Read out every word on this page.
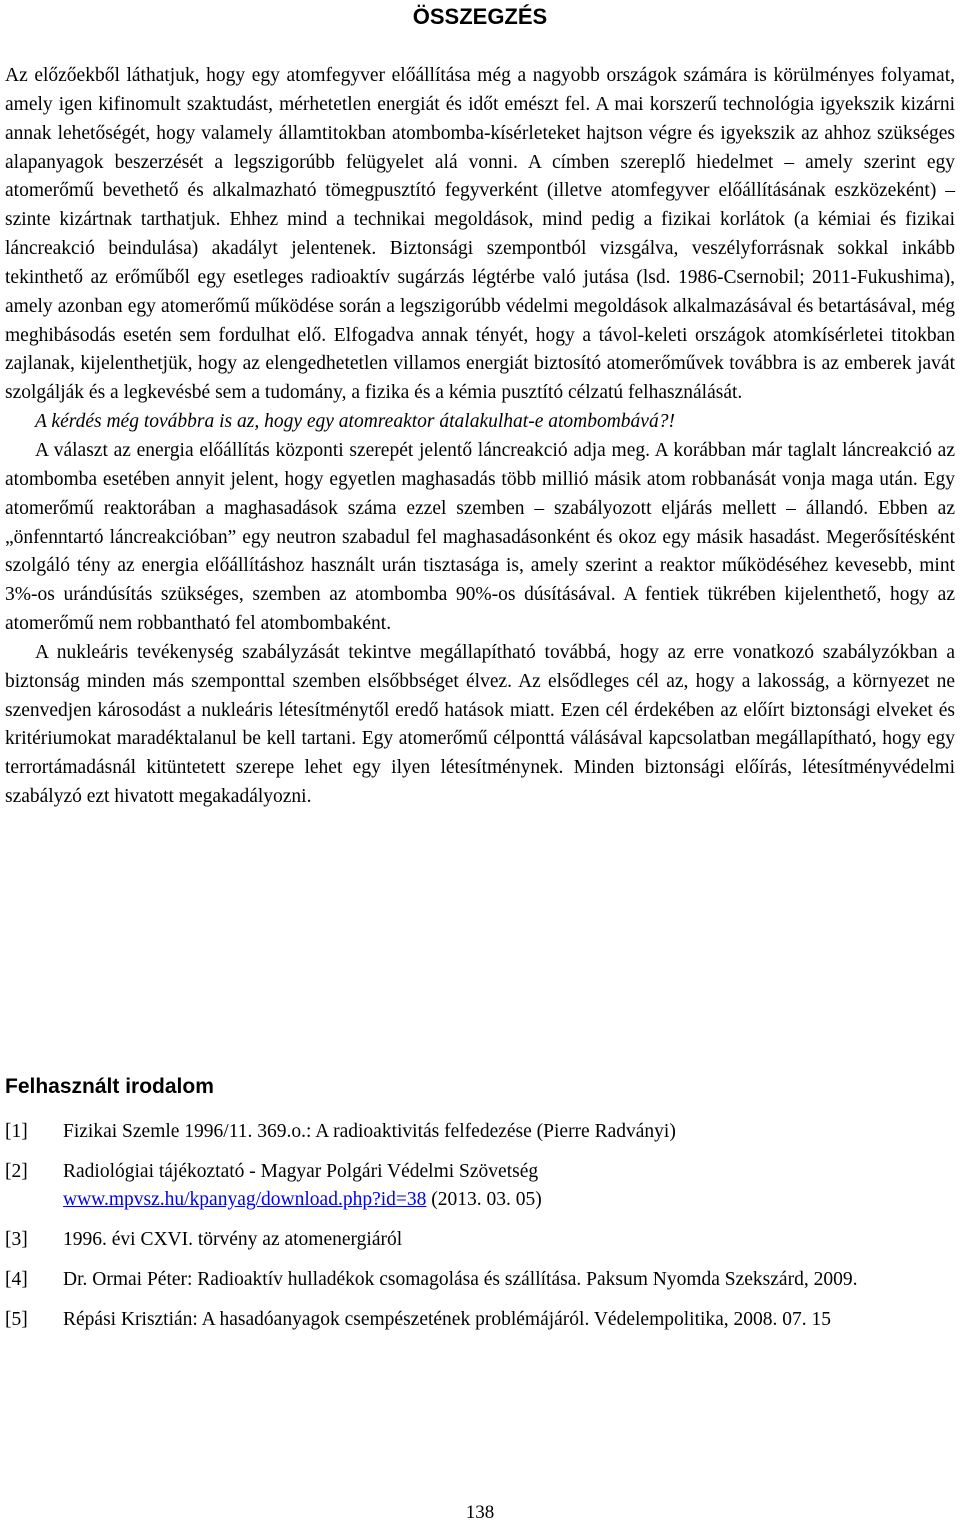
ÖSSZEGZÉS

Az előzőekből láthatjuk, hogy egy atomfegyver előállítása még a nagyobb országok számára is körülményes folyamat, amely igen kifinomult szaktudást, mérhetetlen energiát és időt emészt fel. A mai korszerű technológia igyekszik kizárni annak lehetőségét, hogy valamely államtitokban atombomba-kísérleteket hajtson végre és igyekszik az ahhoz szükséges alapanyagok beszerzését a legszigorúbb felügyelet alá vonni. A címben szereplő hiedelmet – amely szerint egy atomerőmű bevethető és alkalmazható tömegpusztító fegyverként (illetve atomfegyver előállításának eszközeként) – szinte kizártnak tarthatjuk. Ehhez mind a technikai megoldások, mind pedig a fizikai korlátok (a kémiai és fizikai láncreakció beindulása) akadályt jelentenek. Biztonsági szempontból vizsgálva, veszélyforrásnak sokkal inkább tekinthető az erőműből egy esetleges radioaktív sugárzás légtérbe való jutása (lsd. 1986-Csernobil; 2011-Fukushima), amely azonban egy atomerőmű működése során a legszigorúbb védelmi megoldások alkalmazásával és betartásával, még meghibásodás esetén sem fordulhat elő. Elfogadva annak tényét, hogy a távol-keleti országok atomkísérletei titokban zajlanak, kijelenthetjük, hogy az elengedhetetlen villamos energiát biztosító atomerőművek továbbra is az emberek javát szolgálják és a legkevésbé sem a tudomány, a fizika és a kémia pusztító célzatú felhasználását.

A kérdés még továbbra is az, hogy egy atomreaktor átalakulhat-e atombombává?!

A választ az energia előállítás központi szerepét jelentő láncreakció adja meg. A korábban már taglalt láncreakció az atombomba esetében annyit jelent, hogy egyetlen maghasadás több millió másik atom robbanását vonja maga után. Egy atomerőmű reaktorában a maghasadások száma ezzel szemben – szabályozott eljárás mellett – állandó. Ebben az „önfenntartó láncreakcióban” egy neutron szabadul fel maghasadásonként és okoz egy másik hasadást. Megerősítésként szolgáló tény az energia előállításhoz használt urán tisztasága is, amely szerint a reaktor működéséhez kevesebb, mint 3%-os urándúsítás szükséges, szemben az atombomba 90%-os dúsításával. A fentiek tükrében kijelenthető, hogy az atomerőmű nem robbantható fel atombombaként.

A nukleáris tevékenység szabályzását tekintve megállapítható továbbá, hogy az erre vonatkozó szabályzókban a biztonság minden más szemponttal szemben elsőbbséget élvez. Az elsődleges cél az, hogy a lakosság, a környezet ne szenvedjen károsodást a nukleáris létesítménytől eredő hatások miatt. Ezen cél érdekében az előírt biztonsági elveket és kritériumokat maradéktalanul be kell tartani. Egy atomerőmű célponttá válásával kapcsolatban megállapítható, hogy egy terrortámadásnál kitüntetett szerepe lehet egy ilyen létesítménynek. Minden biztonsági előírás, létesítményvédelmi szabályzó ezt hivatott megakadályozni.

Felhasznált irodalom
[1]	Fizikai Szemle 1996/11. 369.o.: A radioaktivitás felfedezése (Pierre Radványi)
[2]	Radiológiai tájékoztató - Magyar Polgári Védelmi Szövetség
www.mpvsz.hu/kpanyag/download.php?id=38 (2013. 03. 05)
[3]	1996. évi CXVI. törvény az atomenergiáról
[4]	Dr. Ormai Péter: Radioaktív hulladékok csomagolása és szállítása. Paksum Nyomda Szekszárd, 2009.
[5]	Répási Krisztián: A hasadóanyagok csempészetének problémájáról. Védelempolitika, 2008. 07. 15
138
